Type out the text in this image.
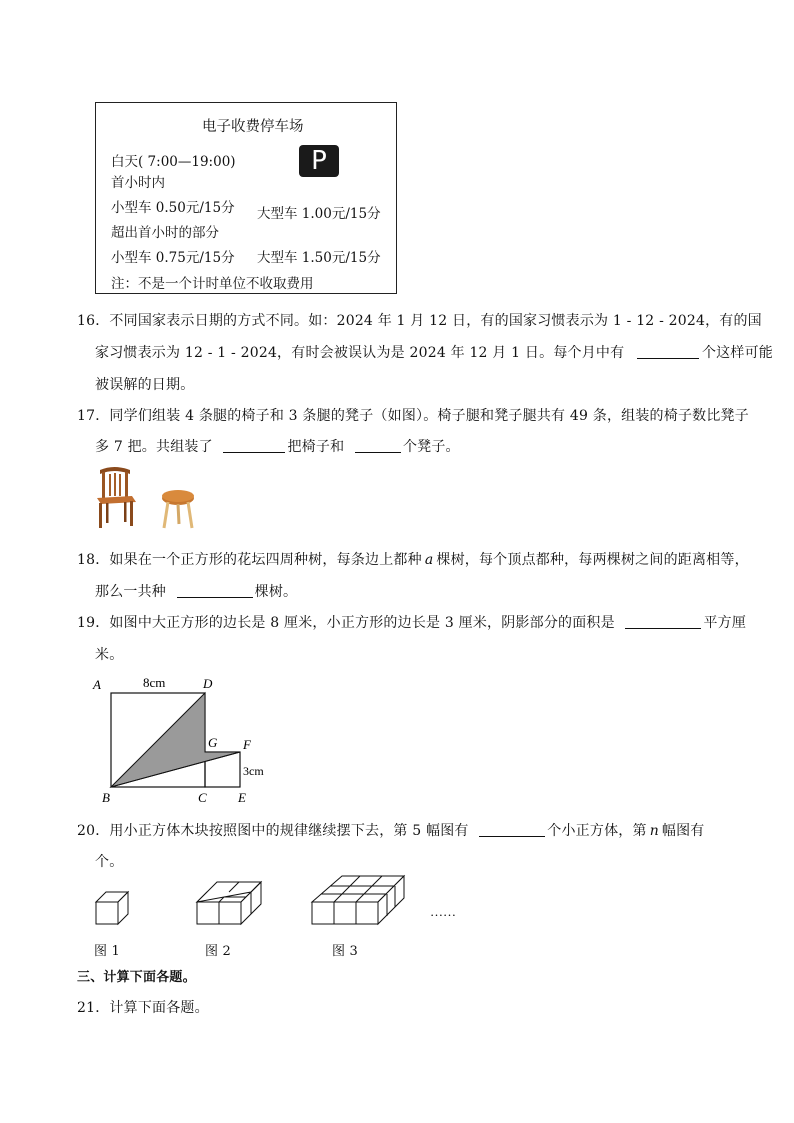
电子收费停车场
P
白天( 7:00—19:00)
首小时内
小型车 0.50元/15分 大型车 1.00元/15分
超出首小时的部分
小型车 0.75元/15分 大型车 1.50元/15分
注：不是一个计时单位不收取费用
16．不同国家表示日期的方式不同。如：2024 年 1 月 12 日，有的国家习惯表示为 1 - 12 - 2024，有的国
家习惯表示为 12 - 1 - 2024，有时会被误认为是 2024 年 12 月 1 日。每个月中有	个这样可能
被误解的日期。
17．同学们组装 4 条腿的椅子和 3 条腿的凳子（如图）。椅子腿和凳子腿共有 49 条，组装的椅子数比凳子
多 7 把。共组装了	把椅子和	个凳子。
18．如果在一个正方形的花坛四周种树，每条边上都种 a 棵树，每个顶点都种，每两棵树之间的距离相等，
那么一共种	棵树。
19．如图中大正方形的边长是 8 厘米，小正方形的边长是 3 厘米，阴影部分的面积是	平方厘
米。
A	8cm	D
G F
3cm
B	C E
20．用小正方体木块按照图中的规律继续摆下去，第 5 幅图有	个小正方体，第 n 幅图有
个。
……
图 1	图 2	图 3
三、计算下面各题。
21．计算下面各题。
